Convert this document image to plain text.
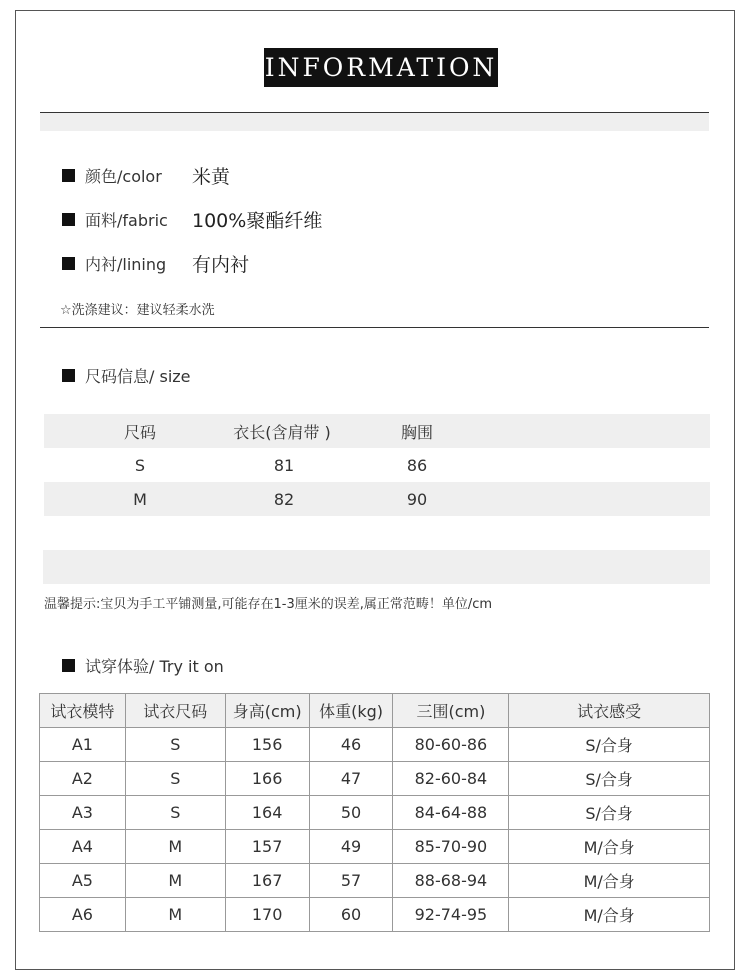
INFORMATION
颜色/color	米黄
面料/fabric	100%聚酯纤维
内衬/lining	有内衬
☆洗涤建议：建议轻柔水洗
尺码信息/ size
尺码	衣长(含肩带 )	胸围
S	81	86
M	82	90
温馨提示:宝贝为手工平铺测量,可能存在1-3厘米的误差,属正常范畴！单位/cm
试穿体验/ Try it on
试衣模特	试衣尺码	身高(cm)	体重(kg)	三围(cm)	试衣感受
A1	S	156	46	80-60-86	S/合身
A2	S	166	47	82-60-84	S/合身
A3	S	164	50	84-64-88	S/合身
A4	M	157	49	85-70-90	M/合身
A5	M	167	57	88-68-94	M/合身
A6	M	170	60	92-74-95	M/合身
